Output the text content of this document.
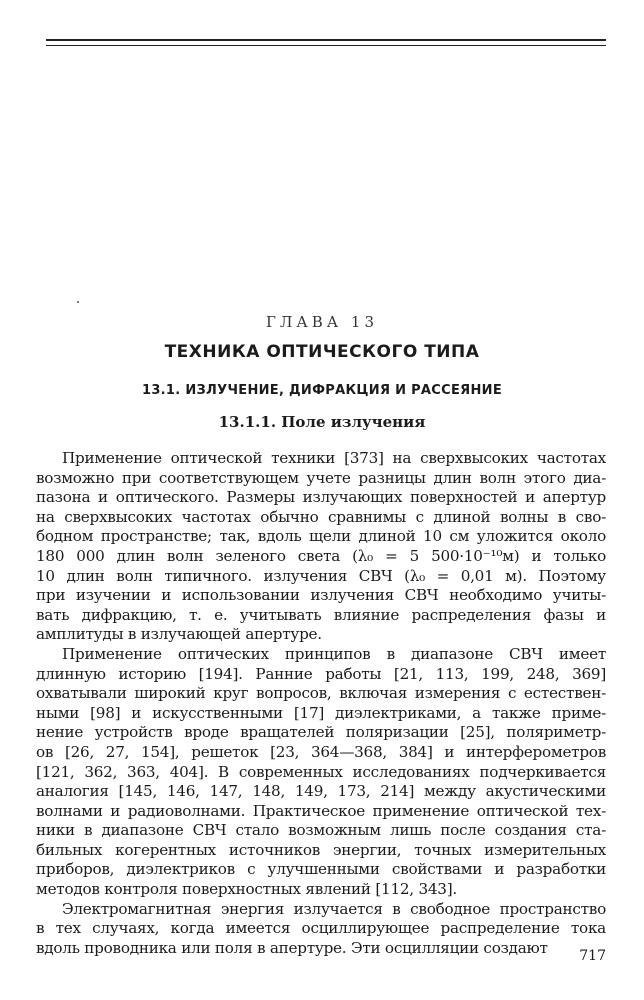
ГЛАВА 13
ТЕХНИКА ОПТИЧЕСКОГО ТИПА
13.1. ИЗЛУЧЕНИЕ, ДИФРАКЦИЯ И РАССЕЯНИЕ
13.1.1. Поле излучения
Применение оптической техники [373] на сверхвысоких частотах
возможно при соответствующем учете разницы длин волн этого диа-
пазона и оптического. Размеры излучающих поверхностей и апертур
на сверхвысоких частотах обычно сравнимы с длиной волны в сво-
бодном пространстве; так, вдоль щели длиной 10 см уложится около
180 000 длин волн зеленого света (λ₀ = 5 500·10⁻¹⁰м) и только
10 длин волн типичного. излучения СВЧ (λ₀ = 0,01 м). Поэтому
при изучении и использовании излучения СВЧ необходимо учиты-
вать дифракцию, т. е. учитывать влияние распределения фазы и
амплитуды в излучающей апертуре.
Применение оптических принципов в диапазоне СВЧ имеет
длинную историю [194]. Ранние работы [21, 113, 199, 248, 369]
охватывали широкий круг вопросов, включая измерения с естествен-
ными [98] и искусственными [17] диэлектриками, а также приме-
нение устройств вроде вращателей поляризации [25], поляриметр-
ов [26, 27, 154], решеток [23, 364—368, 384] и интерферометров
[121, 362, 363, 404]. В современных исследованиях подчеркивается
аналогия [145, 146, 147, 148, 149, 173, 214] между акустическими
волнами и радиоволнами. Практическое применение оптической тех-
ники в диапазоне СВЧ стало возможным лишь после создания ста-
бильных когерентных источников энергии, точных измерительных
приборов, диэлектриков с улучшенными свойствами и разработки
методов контроля поверхностных явлений [112, 343].
Электромагнитная энергия излучается в свободное пространство
в тех случаях, когда имеется осциллирующее распределение тока
вдоль проводника или поля в апертуре. Эти осцилляции создают	717
